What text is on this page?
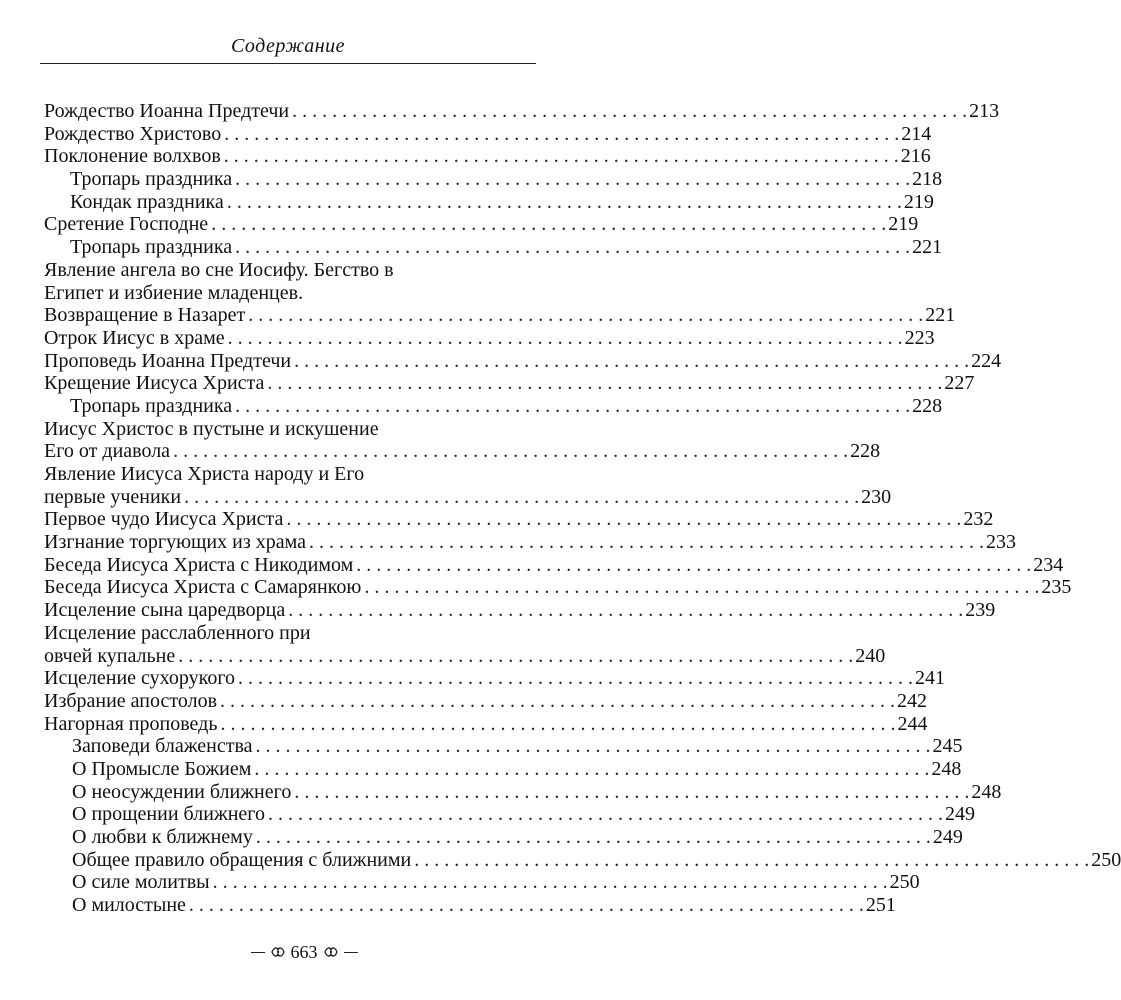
Содержание
Рождество Иоанна Предтечи . . .	213
Рождество Христово . . .	214
Поклонение волхвов . . .	216
Тропарь праздника . . .	218
Кондак праздника . . .	219
Сретение Господне . . .	219
Тропарь праздника . . .	221
Явление ангела во сне Иосифу. Бегство в
Египет и избиение младенцев.
Возвращение в Назарет . . .	221
Отрок Иисус в храме . . .	223
Проповедь Иоанна Предтечи . . .	224
Крещение Иисуса Христа . . .	227
Тропарь праздника . . .	228
Иисус Христос в пустыне и искушение
Его от диавола . . .	228
Явление Иисуса Христа народу и Его
первые ученики . . .	230
Первое чудо Иисуса Христа . . .	232
Изгнание торгующих из храма . . .	233
Беседа Иисуса Христа с Никодимом . . .	234
Беседа Иисуса Христа с Самарянкою . . .	235
Исцеление сына царедворца . . .	239
Исцеление расслабленного при
овчей купальне . . .	240
Исцеление сухорукого . . .	241
Избрание апостолов . . .	242
Нагорная проповедь . . .	244
Заповеди блаженства . . .	245
О Промысле Божием . . .	248
О неосуждении ближнего . . .	248
О прощении ближнего . . .	249
О любви к ближнему . . .	249
Общее правило обращения с ближними . . .	250
О силе молитвы . . .	250
О милостыне . . .	251
663
